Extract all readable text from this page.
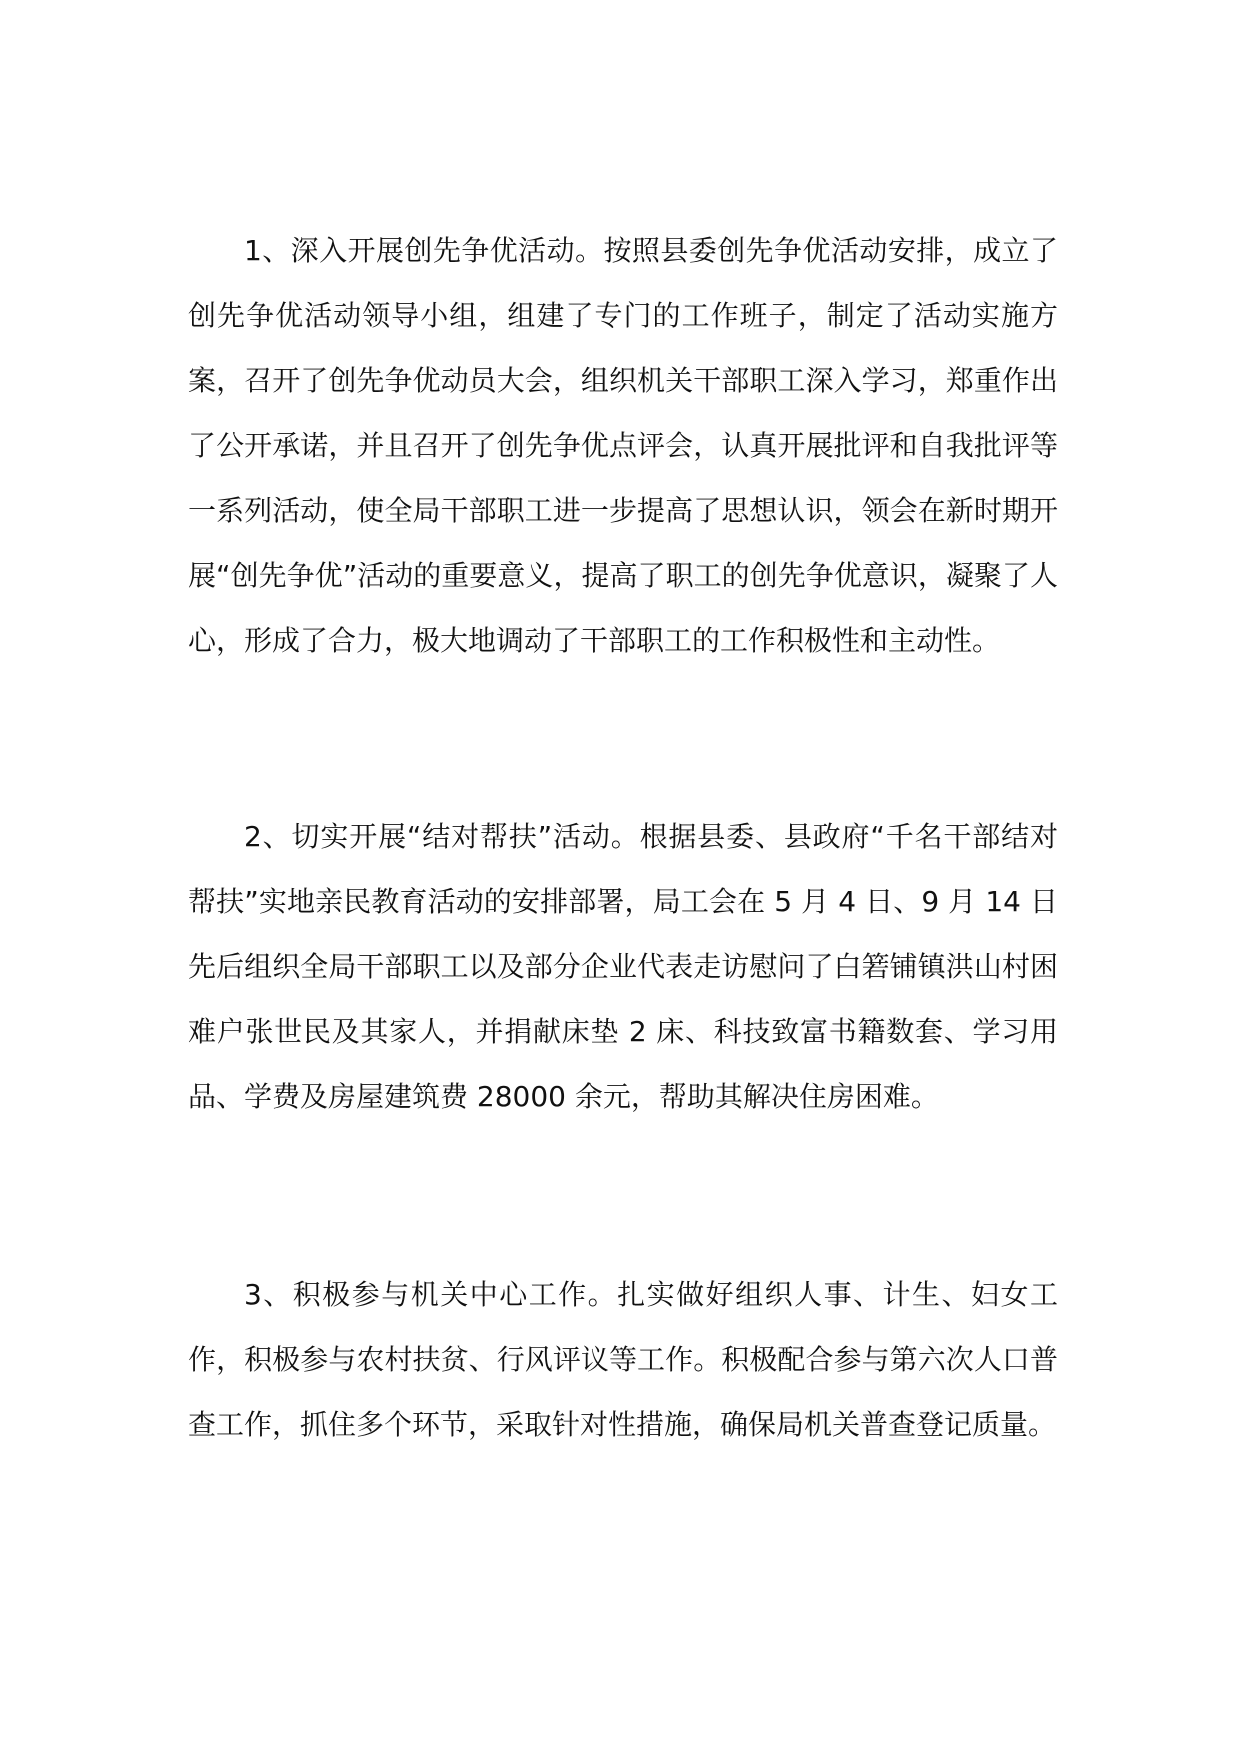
1、深入开展创先争优活动。按照县委创先争优活动安排，成立了创先争优活动领导小组，组建了专门的工作班子，制定了活动实施方案，召开了创先争优动员大会，组织机关干部职工深入学习，郑重作出了公开承诺，并且召开了创先争优点评会，认真开展批评和自我批评等一系列活动，使全局干部职工进一步提高了思想认识，领会在新时期开展“创先争优”活动的重要意义，提高了职工的创先争优意识，凝聚了人心，形成了合力，极大地调动了干部职工的工作积极性和主动性。

2、切实开展“结对帮扶”活动。根据县委、县政府“千名干部结对帮扶”实地亲民教育活动的安排部署，局工会在 5 月 4 日、9 月 14 日先后组织全局干部职工以及部分企业代表走访慰问了白箬铺镇洪山村困难户张世民及其家人，并捐献床垫 2 床、科技致富书籍数套、学习用品、学费及房屋建筑费 28000 余元，帮助其解决住房困难。

3、积极参与机关中心工作。扎实做好组织人事、计生、妇女工作，积极参与农村扶贫、行风评议等工作。积极配合参与第六次人口普查工作，抓住多个环节，采取针对性措施，确保局机关普查登记质量。
